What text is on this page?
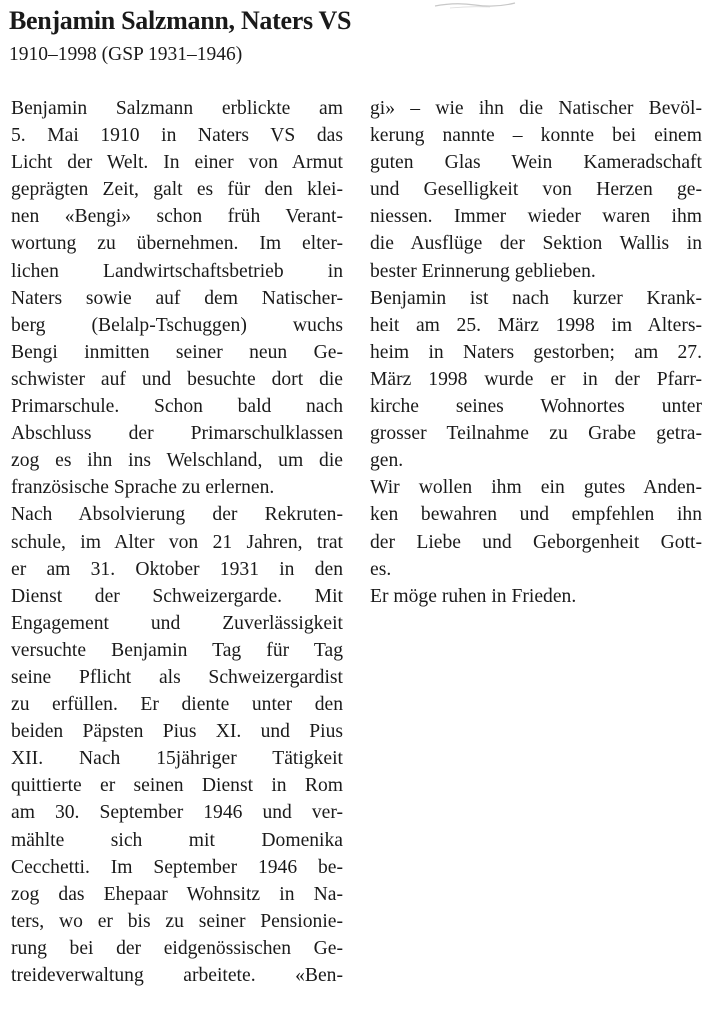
Benjamin Salzmann, Naters VS
1910–1998 (GSP 1931–1946)
Benjamin Salzmann erblickte am
5. Mai 1910 in Naters VS das
Licht der Welt. In einer von Armut
geprägten Zeit, galt es für den klei-
nen «Bengi» schon früh Verant-
wortung zu übernehmen. Im elter-
lichen Landwirtschaftsbetrieb in
Naters sowie auf dem Natischer-
berg (Belalp-Tschuggen) wuchs
Bengi inmitten seiner neun Ge-
schwister auf und besuchte dort die
Primarschule. Schon bald nach
Abschluss der Primarschulklassen
zog es ihn ins Welschland, um die
französische Sprache zu erlernen.
Nach Absolvierung der Rekruten-
schule, im Alter von 21 Jahren, trat
er am 31. Oktober 1931 in den
Dienst der Schweizergarde. Mit
Engagement und Zuverlässigkeit
versuchte Benjamin Tag für Tag
seine Pflicht als Schweizergardist
zu erfüllen. Er diente unter den
beiden Päpsten Pius XI. und Pius
XII. Nach 15jähriger Tätigkeit
quittierte er seinen Dienst in Rom
am 30. September 1946 und ver-
mählte sich mit Domenika
Cecchetti. Im September 1946 be-
zog das Ehepaar Wohnsitz in Na-
ters, wo er bis zu seiner Pensionie-
rung bei der eidgenössischen Ge-
treideverwaltung arbeitete. «Ben-
gi» – wie ihn die Natischer Bevöl-
kerung nannte – konnte bei einem
guten Glas Wein Kameradschaft
und Geselligkeit von Herzen ge-
niessen. Immer wieder waren ihm
die Ausflüge der Sektion Wallis in
bester Erinnerung geblieben.
Benjamin ist nach kurzer Krank-
heit am 25. März 1998 im Alters-
heim in Naters gestorben; am 27.
März 1998 wurde er in der Pfarr-
kirche seines Wohnortes unter
grosser Teilnahme zu Grabe getra-
gen.
Wir wollen ihm ein gutes Anden-
ken bewahren und empfehlen ihn
der Liebe und Geborgenheit Gott-
es.
Er möge ruhen in Frieden.
